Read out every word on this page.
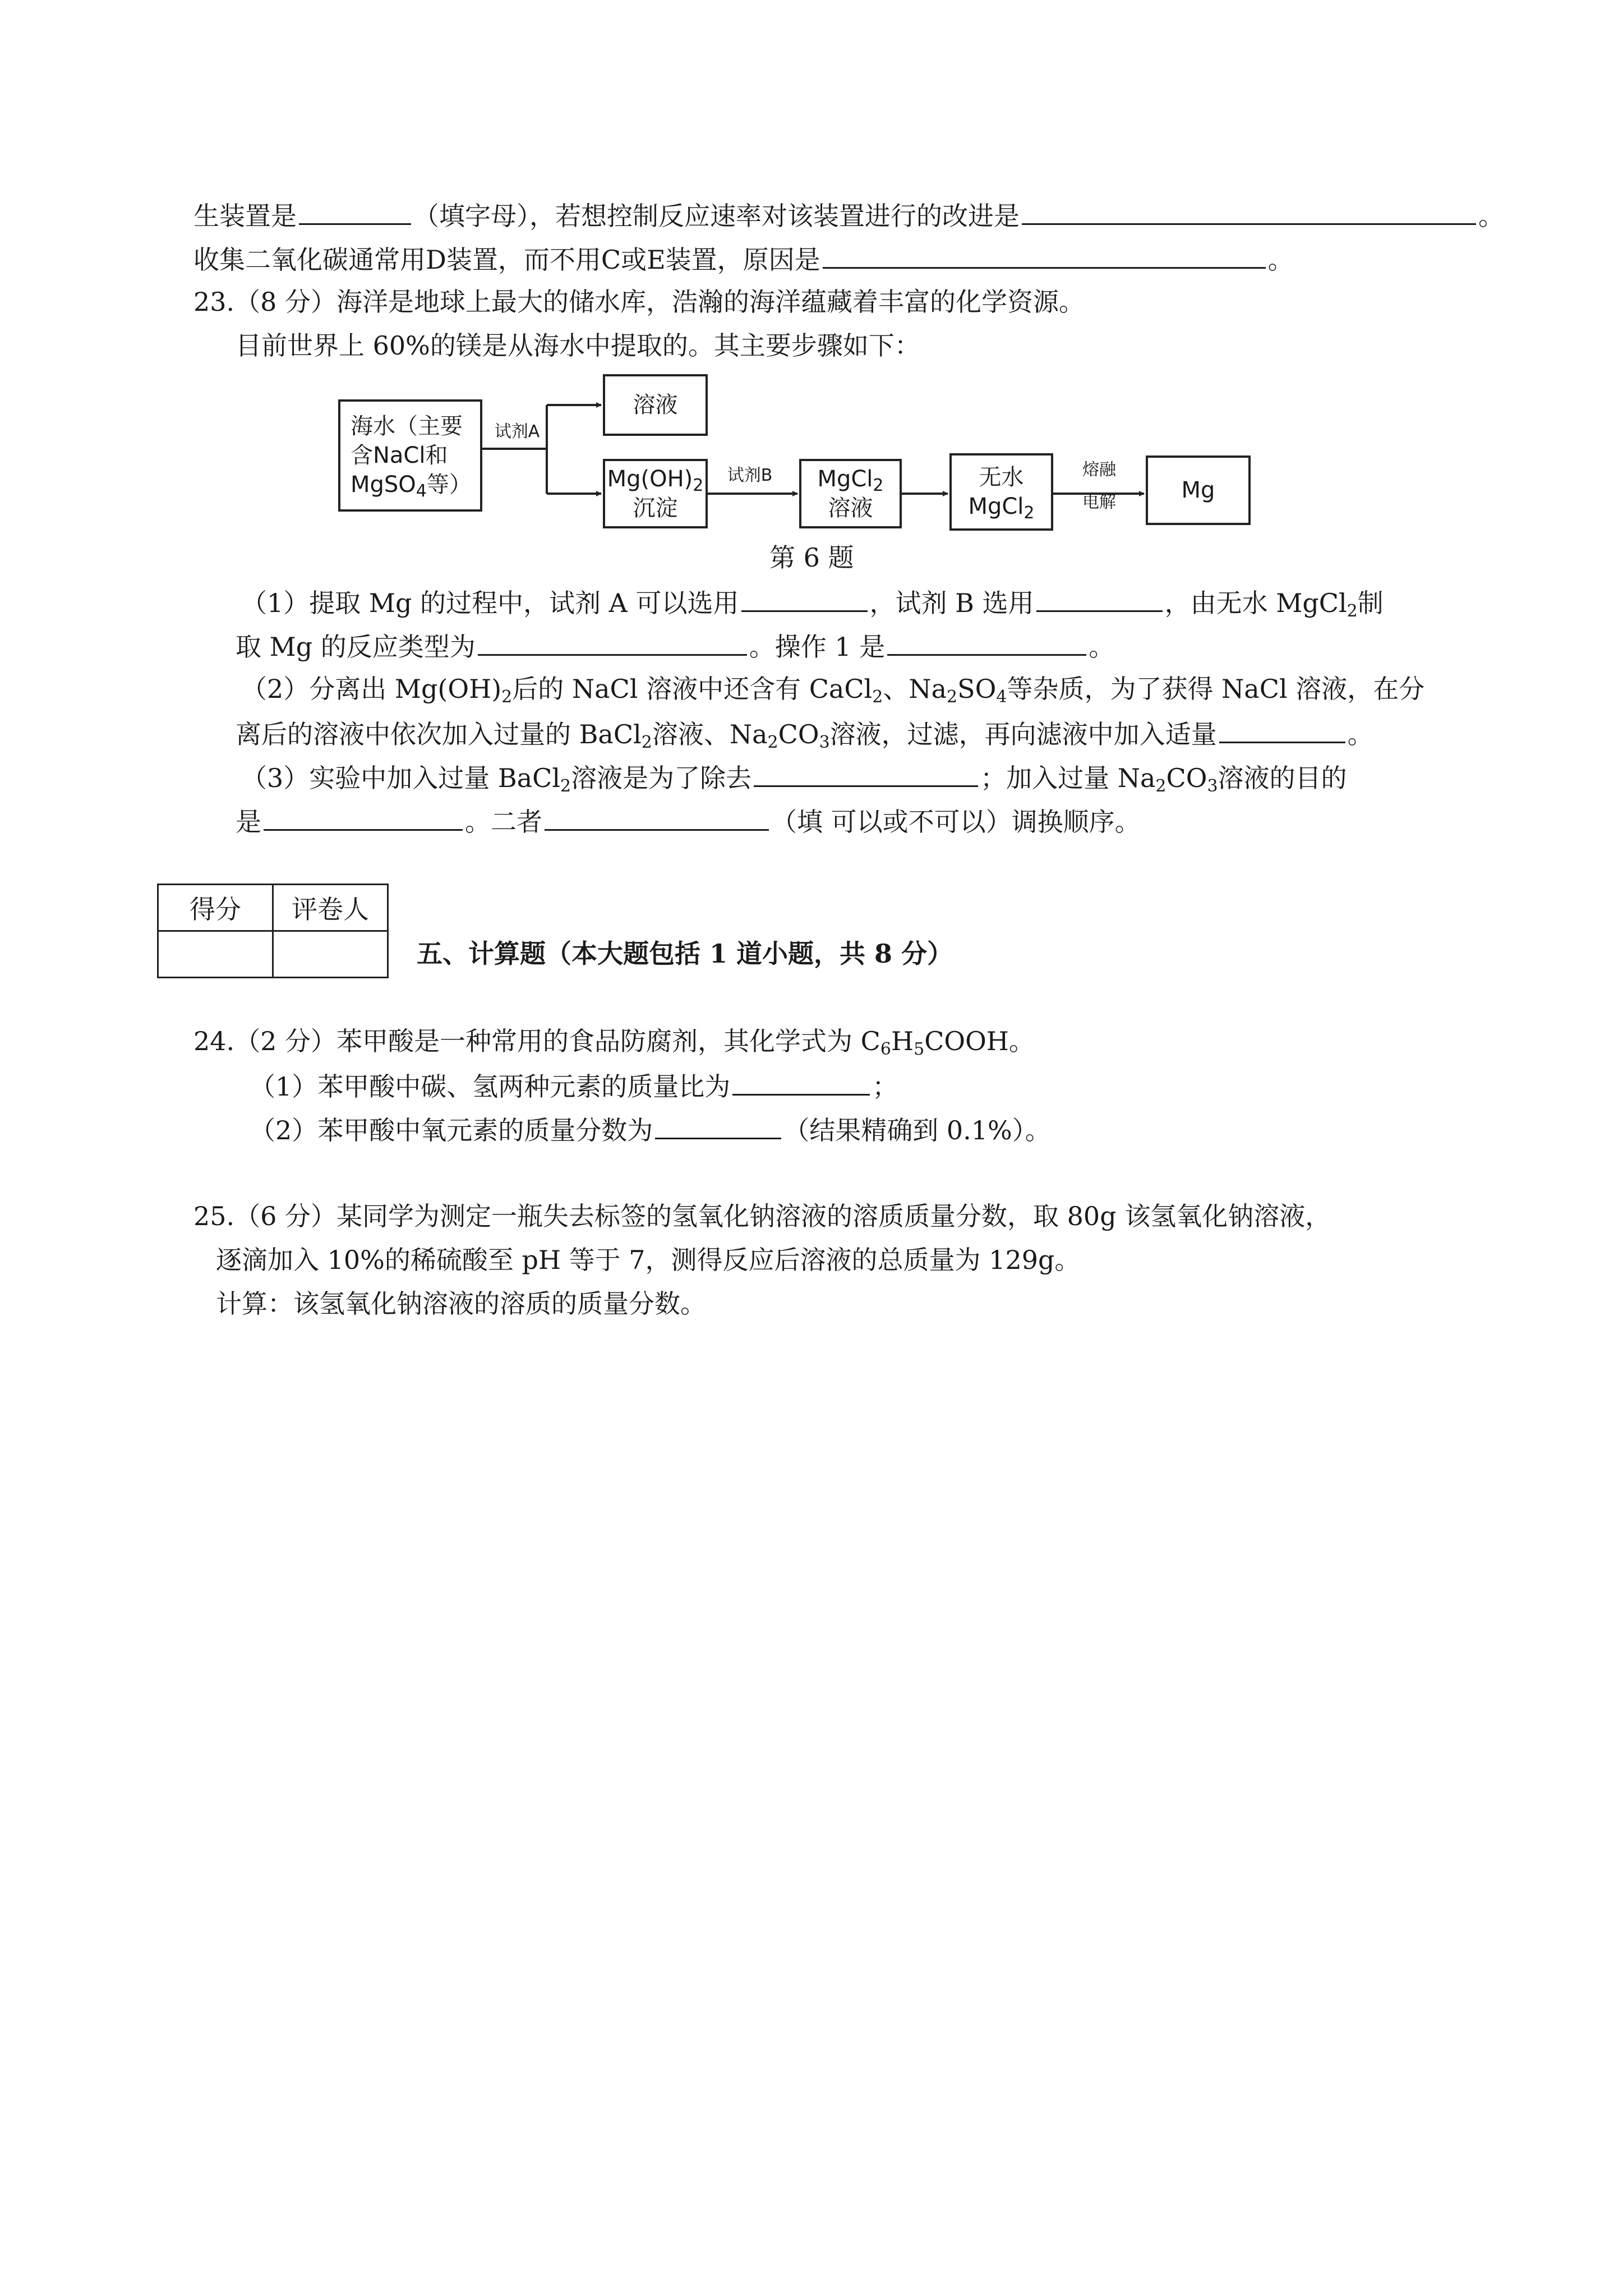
生装置是	（填字母），若想控制反应速率对该装置进行的改进是	。
收集二氧化碳通常用D装置，而不用C或E装置，原因是	。
23.（8 分）海洋是地球上最大的储水库，浩瀚的海洋蕴藏着丰富的化学资源。
目前世界上 60%的镁是从海水中提取的。其主要步骤如下：
海水（主要
含NaCl和
MgSO$_4$等）
试剂A
溶液
$Mg(OH)_2$
沉淀
试剂B	MgCl$_2$
溶液
无水
MgCl$_2$
熔融
电解	Mg
第 6 题
（1）提取 Mg 的过程中，试剂 A 可以选用	，试剂 B 选用	，由无水 MgCl$_2$制
取 Mg 的反应类型为	。操作 1 是	。
（2）分离出 $Mg(OH)_2$后的 NaCl 溶液中还含有 CaCl$_2$、$Na_2SO_4$等杂质，为了获得 NaCl 溶液，在分
离后的溶液中依次加入过量的 BaCl$_2$溶液、$Na_2CO_3$溶液，过滤，再向滤液中加入适量	。
（3）实验中加入过量 BaCl$_2$溶液是为了除去	；加入过量 $Na_2CO_3$溶液的目的
是	。二者	（填 可以或不可以）调换顺序。
得分	评卷人

五、计算题（本大题包括 1 道小题，共 8 分）
24.（2 分）苯甲酸是一种常用的食品防腐剂，其化学式为 $C_6H_5COOH$。
（1）苯甲酸中碳、氢两种元素的质量比为	；
（2）苯甲酸中氧元素的质量分数为	（结果精确到 0.1%）。
25.（6 分）某同学为测定一瓶失去标签的氢氧化钠溶液的溶质质量分数，取 80g 该氢氧化钠溶液，
逐滴加入 10%的稀硫酸至 pH 等于 7，测得反应后溶液的总质量为 129g。
计算：该氢氧化钠溶液的溶质的质量分数。
